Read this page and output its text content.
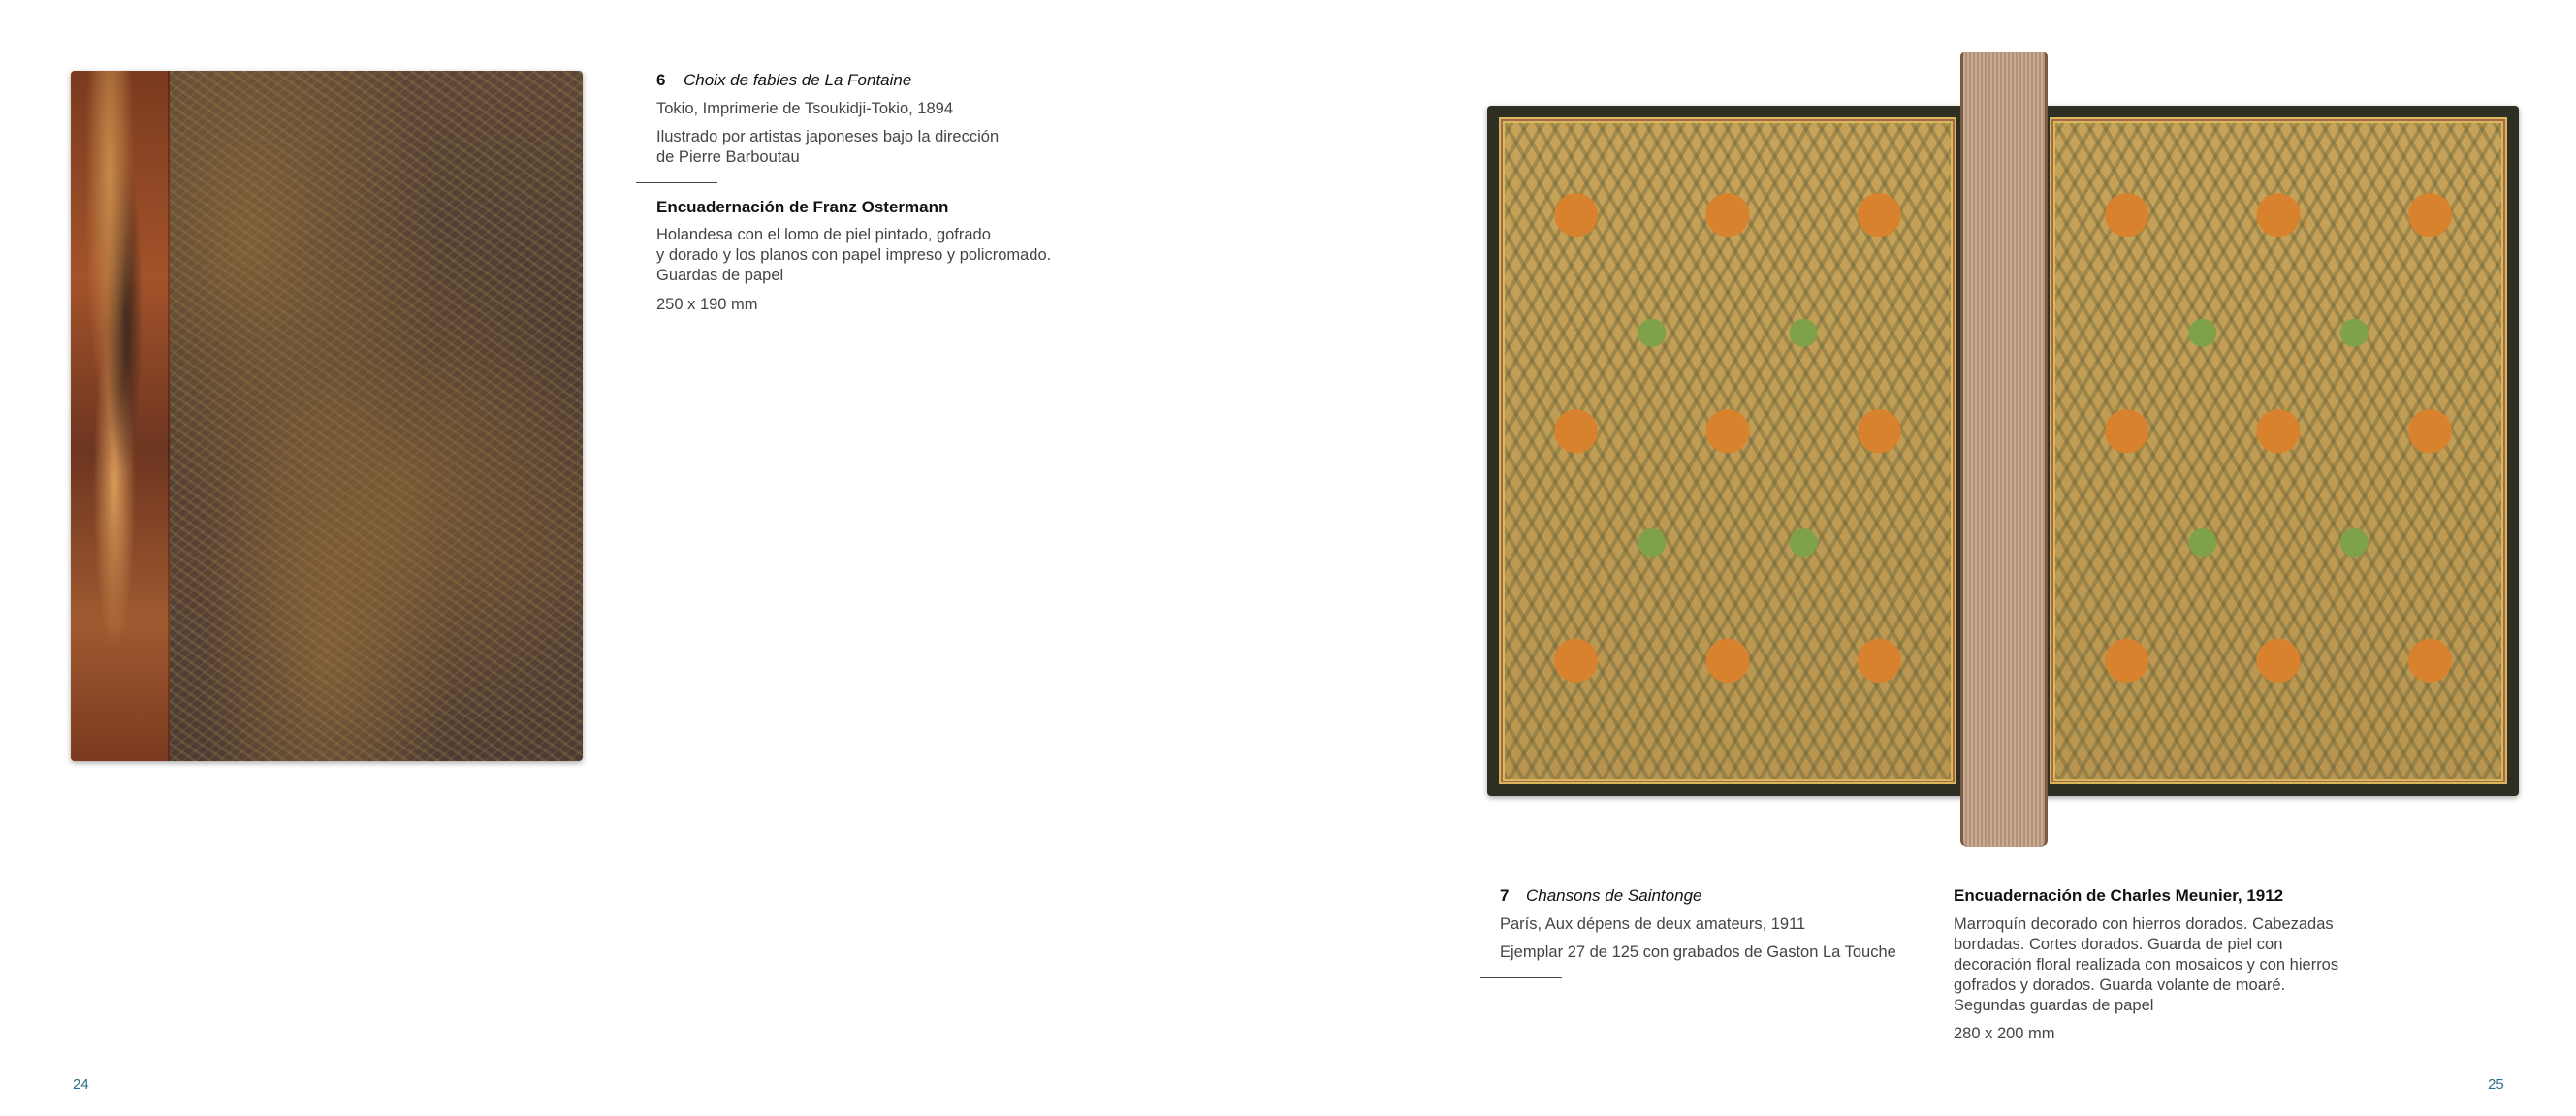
6 Choix de fables de La Fontaine

Tokio, Imprimerie de Tsoukidji-Tokio, 1894

Ilustrado por artistas japoneses bajo la dirección
de Pierre Barboutau

Encuadernación de Franz Ostermann

Holandesa con el lomo de piel pintado, gofrado
y dorado y los planos con papel impreso y policromado.
Guardas de papel

250 x 190 mm

24

7 Chansons de Saintonge

París, Aux dépens de deux amateurs, 1911

Ejemplar 27 de 125 con grabados de Gaston La Touche

Encuadernación de Charles Meunier, 1912

Marroquín decorado con hierros dorados. Cabezadas
bordadas. Cortes dorados. Guarda de piel con
decoración floral realizada con mosaicos y con hierros
gofrados y dorados. Guarda volante de moaré.
Segundas guardas de papel

280 x 200 mm

25
